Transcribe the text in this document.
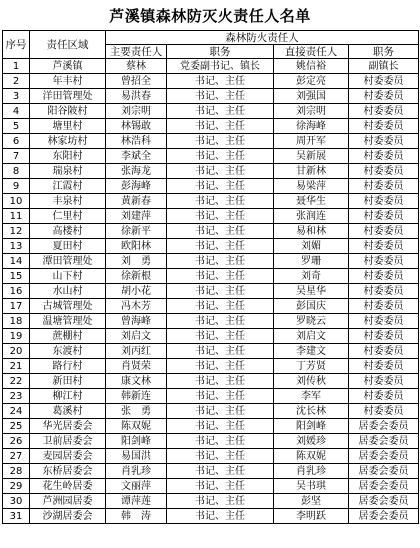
芦溪镇森林防灭火责任人名单
序号	责任区域	森林防火责任人			
		主要责任人	职务	直接责任人	职务
1	芦溪镇	蔡林	党委副书记、镇长	姚信裕	副镇长
2	年丰村	曾招全	书记、主任	彭定亮	村委委员
3	洋田管理处	易洪春	书记、主任	刘强国	村委委员
4	阳谷陂村	刘宗明	书记、主任	刘宗明	村委委员
5	塘里村	林锡敢	书记、主任	徐海峰	村委委员
6	林家坊村	林浩科	书记、主任	周开军	村委委员
7	东阳村	李斌全	书记、主任	吴新展	村委委员
8	瑞泉村	张海龙	书记、主任	甘新林	村委委员
9	江霞村	彭海峰	书记、主任	易梁萍	村委委员
10	丰泉村	黄新春	书记、主任	聂华生	村委委员
11	仁里村	刘建萍	书记、主任	张润连	村委委员
12	高楼村	徐新平	书记、主任	易和林	村委委员
13	夏田村	欧阳林	书记、主任	刘媚	村委委员
14	潭田管理处	刘　勇	书记、主任	罗珊	村委委员
15	山下村	徐新根	书记、主任	刘奇	村委委员
16	水山村	胡小花	书记、主任	吴星华	村委委员
17	古城管理处	冯木芳	书记、主任	彭国庆	村委委员
18	温塘管理处	曾海峰	书记、主任	罗晓云	村委委员
19	蔗棚村	刘启文	书记、主任	刘启文	村委委员
20	东渡村	刘丙红	书记、主任	李建文	村委委员
21	路行村	肖贤荣	书记、主任	丁芳贤	村委委员
22	新田村	康文林	书记、主任	刘传秋	村委委员
23	柳江村	韩新连	书记、主任	李军	村委委员
24	葛溪村	张　勇	书记、主任	沈长林	村委委员
25	华光居委会	陈双妮	书记、主任	阳剑峰	居委会委员
26	卫前居委会	阳剑峰	书记、主任	刘媛珍	居委会委员
27	麦园居委会	易国洪	书记、主任	陈双妮	居委会委员
28	东桥居委会	肖乳珍	书记、主任	肖乳珍	居委会委员
29	花生岭居委	文丽萍	书记、主任	吴书琪	居委会委员
30	芦洲园居委	谭萍莲	书记、主任	彭坚	居委会委员
31	沙湖居委会	韩　涛	书记、主任	李明跃	居委会委员
